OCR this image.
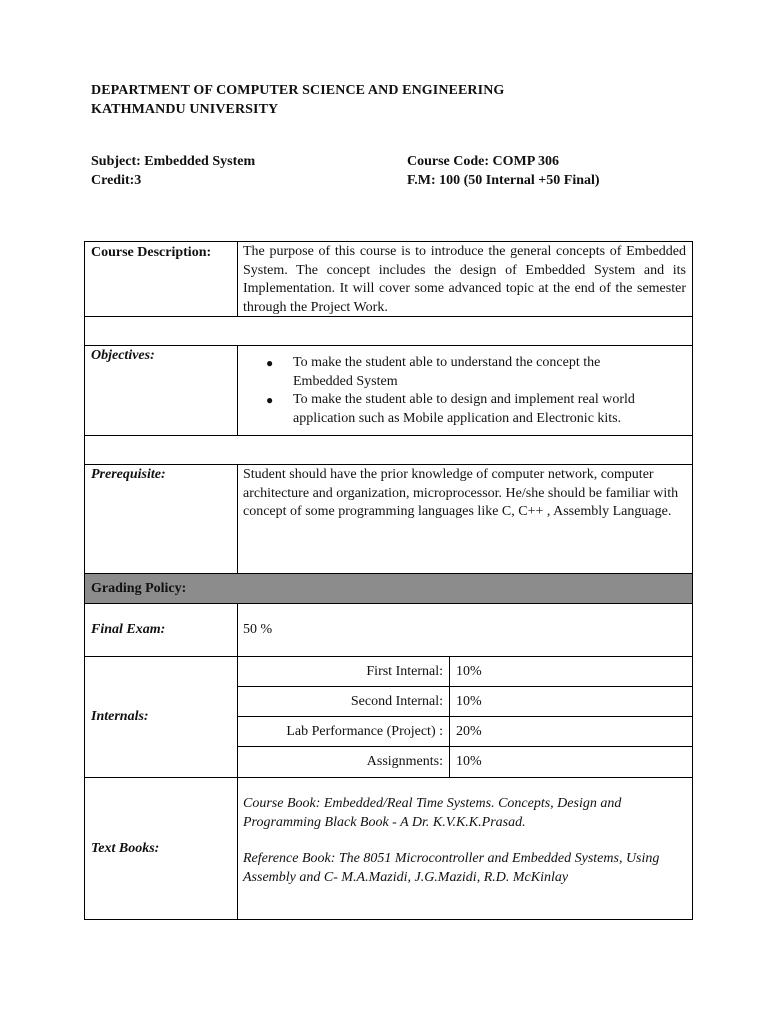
DEPARTMENT OF COMPUTER SCIENCE AND ENGINEERING
KATHMANDU UNIVERSITY
Subject: Embedded System
Credit:3
Course Code: COMP 306
F.M: 100 (50 Internal +50 Final)
Course Description: The purpose of this course is to introduce the general concepts of Embedded System. The concept includes the design of Embedded System and its Implementation. It will cover some advanced topic at the end of the semester through the Project Work.
Objectives:	● To make the student able to understand the concept the Embedded System
● To make the student able to design and implement real world application such as Mobile application and Electronic kits.
Prerequisite:	Student should have the prior knowledge of computer network, computer architecture and organization, microprocessor. He/she should be familiar with concept of some programming languages like C, C++ , Assembly Language.
Grading Policy:
Final Exam:	50 %
Internals:
First Internal: 10%
Second Internal: 10%
Lab Performance (Project) : 20%
Assignments: 10%
Text Books:
Course Book: Embedded/Real Time Systems. Concepts, Design and Programming Black Book - A Dr. K.V.K.K.Prasad.
Reference Book: The 8051 Microcontroller and Embedded Systems, Using Assembly and C- M.A.Mazidi, J.G.Mazidi, R.D. McKinlay
